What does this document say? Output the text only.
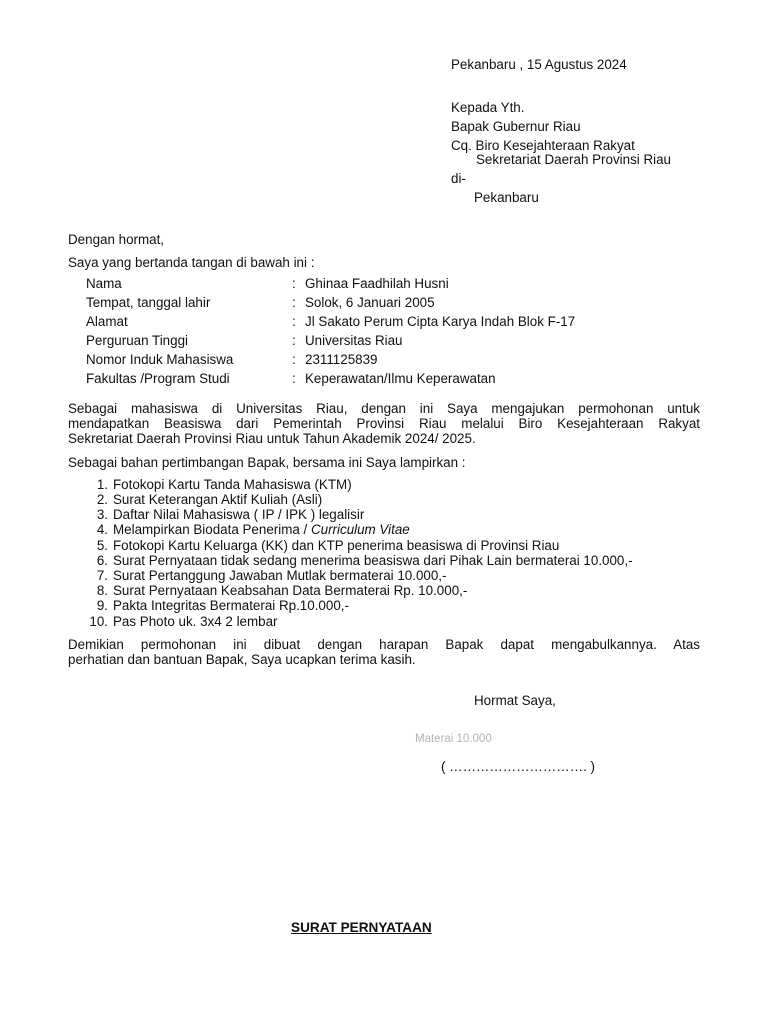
Pekanbaru , 15 Agustus 2024
Kepada Yth.
Bapak Gubernur Riau
Cq. Biro Kesejahteraan Rakyat
Sekretariat Daerah Provinsi Riau
di-
Pekanbaru
Dengan hormat,
Saya yang bertanda tangan di bawah ini :
Nama	: Ghinaa Faadhilah Husni
Tempat, tanggal lahir	: Solok, 6 Januari 2005
Alamat	: Jl Sakato Perum Cipta Karya Indah Blok F-17
Perguruan Tinggi	: Universitas Riau
Nomor Induk Mahasiswa	: 2311125839
Fakultas /Program Studi	: Keperawatan/Ilmu Keperawatan
Sebagai mahasiswa di Universitas Riau, dengan ini Saya mengajukan permohonan untuk
mendapatkan Beasiswa dari Pemerintah Provinsi Riau melalui Biro Kesejahteraan Rakyat
Sekretariat Daerah Provinsi Riau untuk Tahun Akademik 2024/ 2025.
Sebagai bahan pertimbangan Bapak, bersama ini Saya lampirkan :
1. Fotokopi Kartu Tanda Mahasiswa (KTM)
2. Surat Keterangan Aktif Kuliah (Asli)
3. Daftar Nilai Mahasiswa ( IP / IPK ) legalisir
4. Melampirkan Biodata Penerima / Curriculum Vitae
5. Fotokopi Kartu Keluarga (KK) dan KTP penerima beasiswa di Provinsi Riau
6. Surat Pernyataan tidak sedang menerima beasiswa dari Pihak Lain bermaterai 10.000,-
7. Surat Pertanggung Jawaban Mutlak bermaterai 10.000,-
8. Surat Pernyataan Keabsahan Data Bermaterai Rp. 10.000,-
9. Pakta Integritas Bermaterai Rp.10.000,-
10. Pas Photo uk. 3x4 2 lembar
Demikian permohonan ini dibuat dengan harapan Bapak dapat mengabulkannya. Atas
perhatian dan bantuan Bapak, Saya ucapkan terima kasih.
Hormat Saya,
Materai 10.000
( …………………………. )
SURAT PERNYATAAN
